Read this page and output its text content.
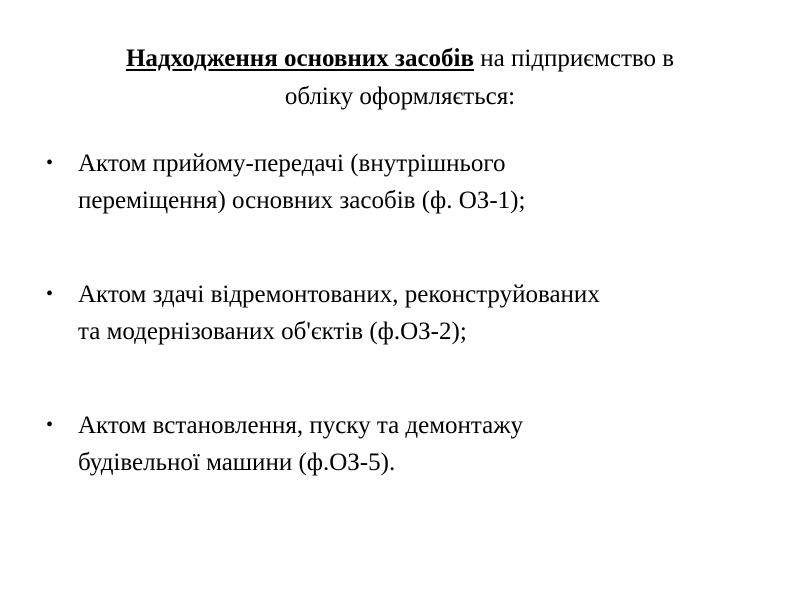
Надходження основних засобів на підприємство в
обліку оформляється:
• Актом прийому-передачі (внутрішнього
переміщення) основних засобів (ф. ОЗ-1);
• Актом здачі відремонтованих, реконструйованих
та модернізованих об'єктів (ф.ОЗ-2);
• Актом встановлення, пуску та демонтажу
будівельної машини (ф.ОЗ-5).
